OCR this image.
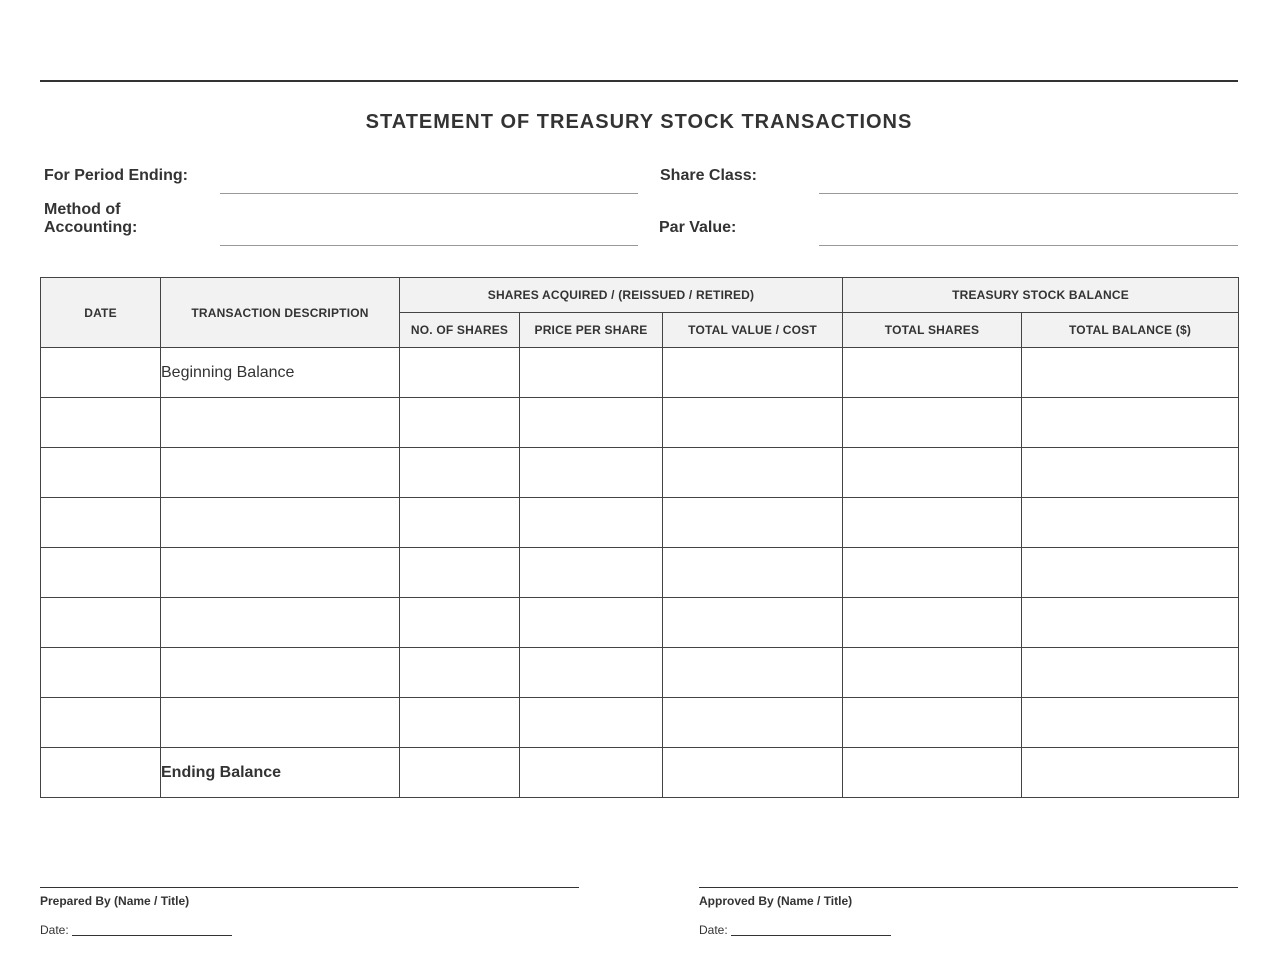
STATEMENT OF TREASURY STOCK TRANSACTIONS
For Period Ending:
Method of
Accounting:
Share Class:
Par Value:
DATE	TRANSACTION DESCRIPTION	SHARES ACQUIRED / (REISSUED / RETIRED)			TREASURY STOCK BALANCE	
		NO. OF SHARES	PRICE PER SHARE	TOTAL VALUE / COST	TOTAL SHARES	TOTAL BALANCE ($)
	Beginning Balance					

	Ending Balance					
Prepared By (Name / Title)
Date:
Approved By (Name / Title)
Date:
